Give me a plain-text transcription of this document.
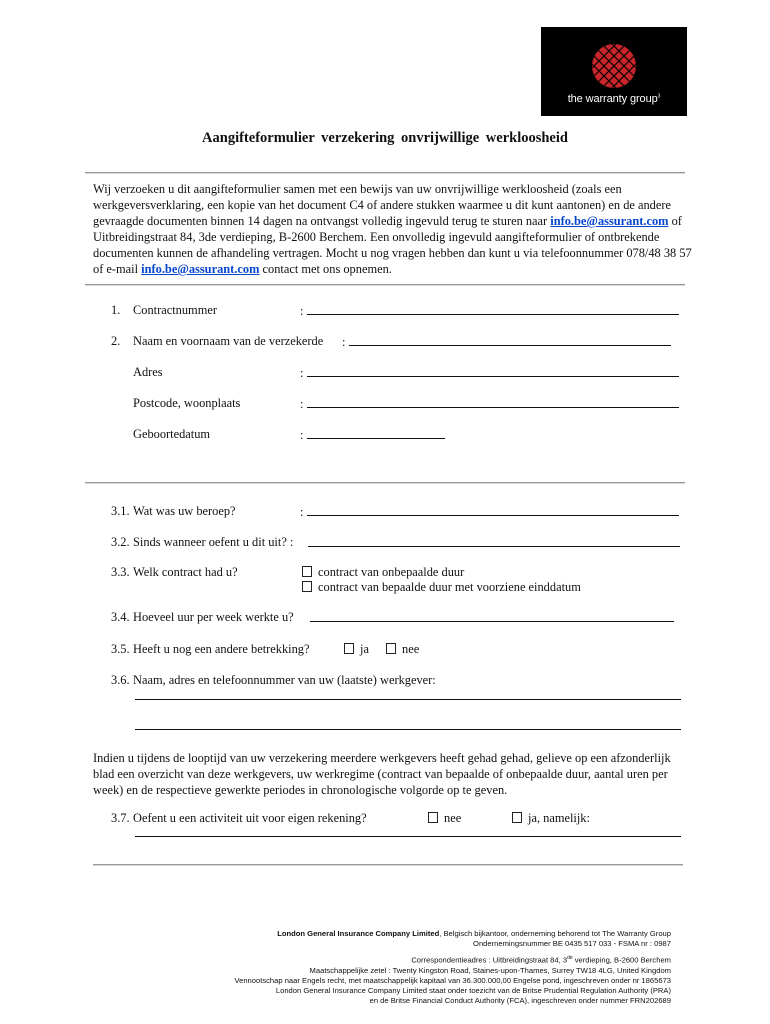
the warranty group$^3$
Aangifteformulier verzekering onvrijwillige werkloosheid
Wij verzoeken u dit aangifteformulier samen met een bewijs van uw onvrijwillige werkloosheid (zoals een werkgeversverklaring, een kopie van het document C4 of andere stukken waarmee u dit kunt aantonen) en de andere gevraagde documenten binnen 14 dagen na ontvangst volledig ingevuld terug te sturen naar info.be@assurant.com of Uitbreidingstraat 84, 3de verdieping, B-2600 Berchem. Een onvolledig ingevuld aangifteformulier of ontbrekende documenten kunnen de afhandeling vertragen. Mocht u nog vragen hebben dan kunt u via telefoonnummer 078/48 38 57 of e-mail info.be@assurant.com contact met ons opnemen.
1. Contractnummer	:
2. Naam en voornaam van de verzekerde :
Adres	:
Postcode, woonplaats	:
Geboortedatum	:
3.1. Wat was uw beroep?	:
3.2. Sinds wanneer oefent u dit uit? :
3.3. Welk contract had u?	contract van onbepaalde duur
contract van bepaalde duur met voorziene einddatum
3.4. Hoeveel uur per week werkte u?
3.5. Heeft u nog een andere betrekking?	ja	nee
3.6. Naam, adres en telefoonnummer van uw (laatste) werkgever:
Indien u tijdens de looptijd van uw verzekering meerdere werkgevers heeft gehad gehad, gelieve op een afzonderlijk blad een overzicht van deze werkgevers, uw werkregime (contract van bepaalde of onbepaalde duur, aantal uren per week) en de respectieve gewerkte periodes in chronologische volgorde op te geven.
3.7. Oefent u een activiteit uit voor eigen rekening?	nee	ja, namelijk:
London General Insurance Company Limited, Belgisch bijkantoor, onderneming behorend tot The Warranty Group
Ondernemingsnummer BE 0435 517 033 - FSMA nr : 0987
Correspondentieadres : Uitbreidingstraat 84, 3de verdieping, B-2600 Berchem
Maatschappelijke zetel : Twenty Kingston Road, Staines-upon-Thames, Surrey TW18 4LG, United Kingdom
Vennootschap naar Engels recht, met maatschappelijk kapitaal van 36.300.000,00 Engelse pond, ingeschreven onder nr 1865673
London General Insurance Company Limited staat onder toezicht van de Britse Prudential Regulation Authority (PRA)
en de Britse Financial Conduct Authority (FCA), ingeschreven onder nummer FRN202689
